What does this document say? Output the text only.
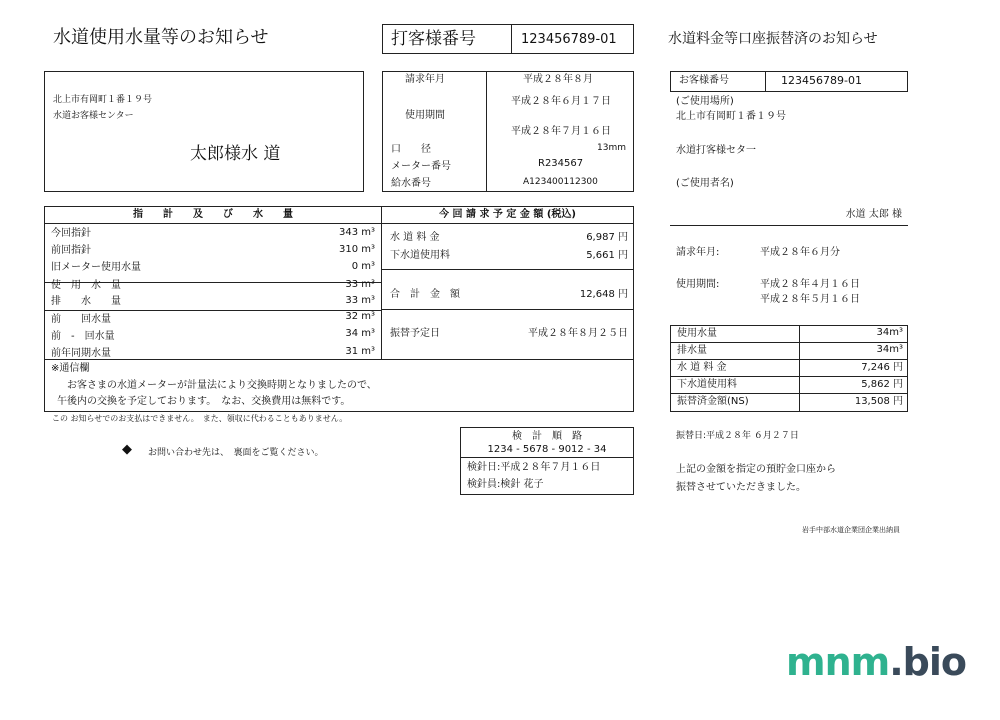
水道使用水量等のお知らせ	打客様番号	123456789-01
北上市有岡町１番１９号
水道お客様センター
太郎様水 道
請求年月	平成２８年８月
使用期間
平成２８年６月１７日
平成２８年７月１６日
口　　径	13mm
メーター番号	R234567
給水番号	A123400112300
指　　計　　及　　び　　水　　量
今回指針	343 m³
前回指針	310 m³
旧メーター使用水量	0 m³
使　用　水　量	33 m³
排　　水　　量	33 m³
前　　回水量	32 m³
前　-　回水量	34 m³
前年同期水量	31 m³
今 回 請 求 予 定 金 額 (税込)
水 道 料 金	6,987 円
下水道使用料	5,661 円
合　計　金　額	12,648 円
振替予定日	平成２８年８月２５日
※通信欄
お客さまの水道メーターが計量法により交換時期となりましたので、
午後内の交換を予定しております。　なお、交換費用は無料です。
この お知らせでのお支払はできません。　また、領収に代わることもありません。
◆ お問い合わせ先は、　裏面をご覧ください。
検　計　順　路
1234 - 5678 - 9012 - 34
検針日:平成２８年７月１６日
検針員:検針 花子
水道料金等口座振替済のお知らせ
お客様番号	123456789-01
(ご使用場所)
北上市有岡町１番１９号
水道打客様セタ一
(ご使用者名)
水道 太郎 様
請求年月:	平成２８年６月分
使用期間:	平成２８年４月１６日
平成２８年５月１６日
使用水量	34m³
排水量	34m³
水 道 料 金	7,246 円
下水道使用料	5,862 円
振替済金額(NS)	13,508 円
振替日:平成２８年 ６月２７日
上記の金額を指定の預貯金口座から
振替させていただきました。
岩手中部水道企業団企業出納員
mnm.bio
